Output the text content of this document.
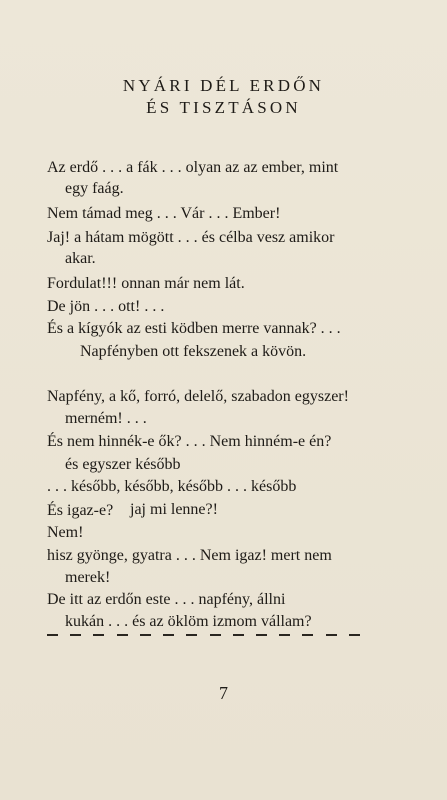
NYÁRI DÉL ERDŐN
ÉS TISZTÁSON
Az erdő . . . a fák . . . olyan az az ember, mint
egy faág.
Nem támad meg . . . Vár . . . Ember!
Jaj! a hátam mögött . . . és célba vesz amikor
akar.
Fordulat!!! onnan már nem lát.
De jön . . . ott! . . .
És a kígyók az esti ködben merre vannak? . . .
Napfényben ott fekszenek a kövön.
Napfény, a kő, forró, delelő, szabadon egyszer!
merném! . . .
És nem hinnék-e ők? . . . Nem hinném-e én?
és egyszer később
. . . később, később, később . . . később
jaj mi lenne?!
És igaz-e?
Nem!
hisz gyönge, gyatra . . . Nem igaz! mert nem
merek!
De itt az erdőn este . . . napfény, állni
7
kukán . . . és az öklöm izmom vállam?
